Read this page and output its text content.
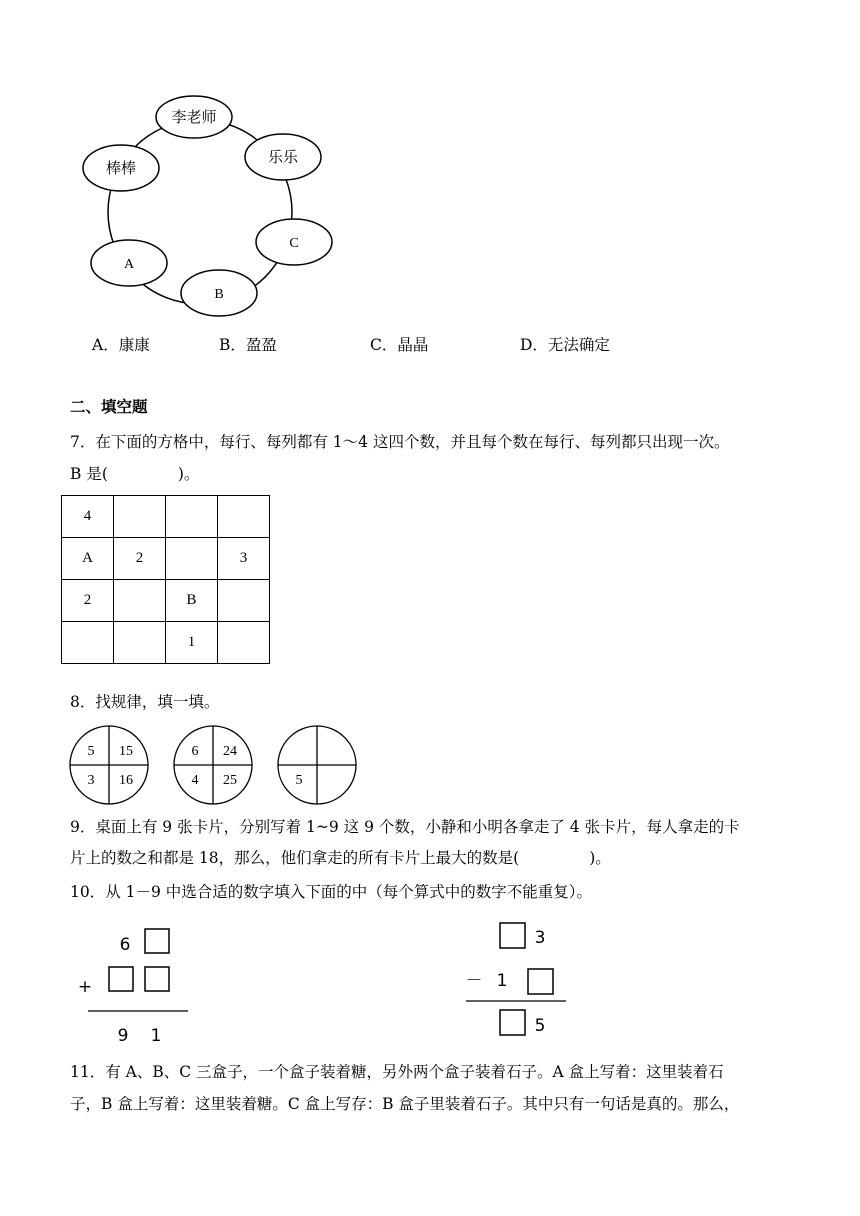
李老师
乐乐
棒棒
C
A
B
A．康康	B．盈盈	C．晶晶	D．无法确定
二、填空题
7．在下面的方格中，每行、每列都有 1～4 这四个数，并且每个数在每行、每列都只出现一次。
B 是(	)。
4			
A	2		3
2		B	
		1	
8．找规律，填一填。
5 15
3 16
6 24
4 25	5
9．桌面上有 9 张卡片，分别写着 1~9 这 9 个数，小静和小明各拿走了 4 张卡片，每人拿走的卡
片上的数之和都是 18，那么，他们拿走的所有卡片上最大的数是(	)。
10．从 1－9 中选合适的数字填入下面的中（每个算式中的数字不能重复）。
6
+
9 1
3
－ 1
5
11．有 A、B、C 三盒子，一个盒子装着糖，另外两个盒子装着石子。A 盒上写着：这里装着石
子，B 盒上写着：这里装着糖。C 盒上写存：B 盒子里装着石子。其中只有一句话是真的。那么，
